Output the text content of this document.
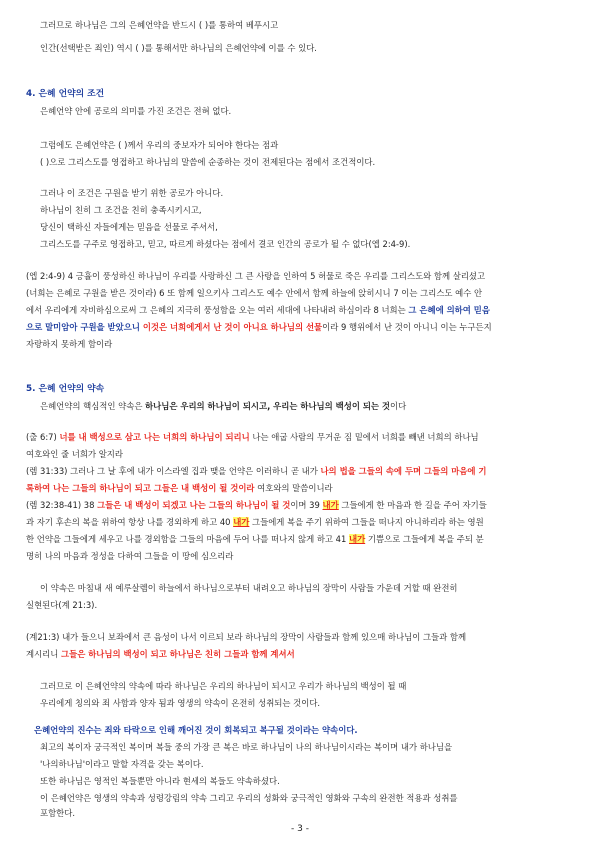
그러므로 하나님은 그의 은혜언약을 반드시 ( )를 통하여 베푸시고
인간(선택받은 죄인) 역시 ( )를 통해서만 하나님의 은혜언약에 이를 수 있다.
4. 은혜 언약의 조건
은혜언약 안에 공로의 의미를 가진 조건은 전혀 없다.
그럼에도 은혜언약은 ( )께서 우리의 중보자가 되어야 한다는 점과
( )으로 그리스도를 영접하고 하나님의 말씀에 순종하는 것이 전제된다는 점에서 조건적이다.
그러나 이 조건은 구원을 받기 위한 공로가 아니다.
하나님이 친히 그 조건을 친히 충족시키시고,
당신이 택하신 자들에게는 믿음을 선물로 주셔서,
그리스도를 구주로 영접하고, 믿고, 따르게 하셨다는 점에서 결코 인간의 공로가 될 수 없다(엡 2:4-9).
(엡 2:4-9) 4 긍휼이 풍성하신 하나님이 우리를 사랑하신 그 큰 사랑을 인하여 5 허물로 죽은 우리를 그리스도와 함께 살리셨고
(너희는 은혜로 구원을 받은 것이라) 6 또 함께 일으키사 그리스도 예수 안에서 함께 하늘에 앉히시니 7 이는 그리스도 예수 안
에서 우리에게 자비하심으로써 그 은혜의 지극히 풍성함을 오는 여러 세대에 나타내려 하심이라 8 너희는 그 은혜에 의하여 믿음
으로 말미암아 구원을 받았으니 이것은 너희에게서 난 것이 아니요 하나님의 선물이라 9 행위에서 난 것이 아니니 이는 누구든지
자랑하지 못하게 함이라
5. 은혜 언약의 약속
은혜언약의 핵심적인 약속은 하나님은 우리의 하나님이 되시고, 우리는 하나님의 백성이 되는 것이다
(출 6:7) 너를 내 백성으로 삼고 나는 너희의 하나님이 되리니 나는 애굽 사람의 무거운 짐 밑에서 너희를 빼낸 너희의 하나님
여호와인 줄 너희가 알지라
(렘 31:33) 그러나 그 날 후에 내가 이스라엘 집과 맺을 언약은 이러하니 곧 내가 나의 법을 그들의 속에 두며 그들의 마음에 기
록하여 나는 그들의 하나님이 되고 그들은 내 백성이 될 것이라 여호와의 말씀이니라
(렘 32:38-41) 38 그들은 내 백성이 되겠고 나는 그들의 하나님이 될 것이며 39 내가 그들에게 한 마음과 한 길을 주어 자기들
과 자기 후손의 복을 위하여 항상 나를 경외하게 하고 40 내가 그들에게 복을 주기 위하여 그들을 떠나지 아니하리라 하는 영원
한 언약을 그들에게 세우고 나를 경외함을 그들의 마음에 두어 나를 떠나지 않게 하고 41 내가 기쁨으로 그들에게 복을 주되 분
명히 나의 마음과 정성을 다하여 그들을 이 땅에 심으리라
이 약속은 마침내 새 예루살렘이 하늘에서 하나님으로부터 내려오고 하나님의 장막이 사람들 가운데 거할 때 완전히
실현된다(계 21:3).
(계21:3) 내가 들으니 보좌에서 큰 음성이 나서 이르되 보라 하나님의 장막이 사람들과 함께 있으매 하나님이 그들과 함께
계시리니 그들은 하나님의 백성이 되고 하나님은 친히 그들과 함께 계셔서
그러므로 이 은혜언약의 약속에 따라 하나님은 우리의 하나님이 되시고 우리가 하나님의 백성이 될 때
우리에게 칭의와 죄 사함과 양자 됨과 영생의 약속이 온전히 성취되는 것이다.
은혜언약의 진수는 죄와 타락으로 인해 깨어진 것이 회복되고 복구될 것이라는 약속이다.
최고의 복이자 궁극적인 복이며 복들 중의 가장 큰 복은 바로 하나님이 나의 하나님이시라는 복이며 내가 하나님을
'나의하나님'이라고 말할 자격을 갖는 복이다.
또한 하나님은 영적인 복들뿐만 아니라 현세의 복들도 약속하셨다.
이 은혜언약은 영생의 약속과 성령강림의 약속 그리고 우리의 성화와 궁극적인 영화와 구속의 완전한 적용과 성취를
포함한다.
- 3 -
